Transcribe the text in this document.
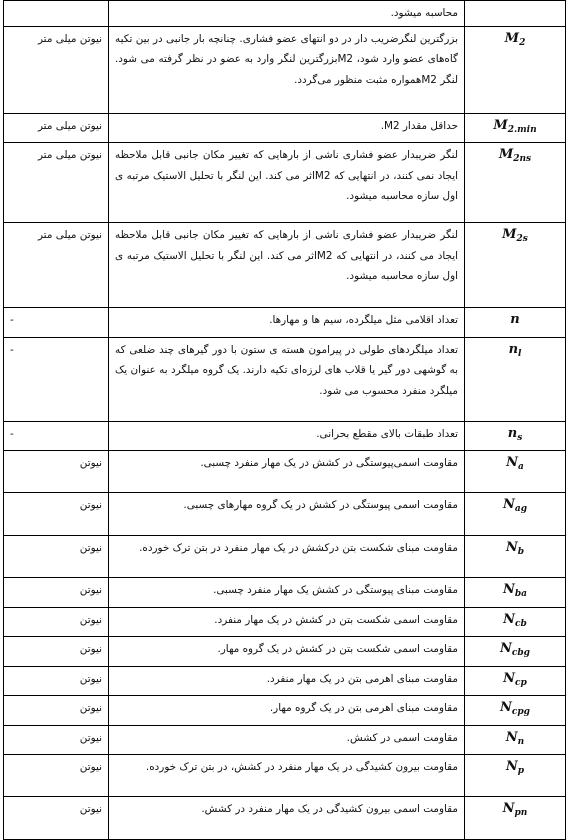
	محاسبه میشود.	
$M_2$	بزرگترین لنگرضریب دار در دو انتهای عضو فشاری. چنانچه بار جانبی در بین تکیه گاه‌های عضو وارد شود، M2بزرگترین لنگر وارد به عضو در نظر گرفته می شود. لنگر M2همواره مثبت منظور می‌گردد.	نیوتن میلی متر
$M_{2.min}$	حداقل مقدار M2.	نیوتن میلی متر
$M_{2ns}$	لنگر ضریبدار عضو فشاری ناشی از بارهایی که تغییر مکان جانبی قابل ملاحظه ایجاد نمی کنند، در انتهایی که M2اثر می کند. این لنگر با تحلیل الاستیک مرتبه ی اول سازه محاسبه میشود.	نیوتن میلی متر
$M_{2s}$	لنگر ضریبدار عضو فشاری ناشی از بارهایی که تغییر مکان جانبی قابل ملاحظه ایجاد می کنند، در انتهایی که M2اثر می کند. این لنگر با تحلیل الاستیک مرتبه ی اول سازه محاسبه میشود.	نیوتن میلی متر
n	تعداد اقلامی مثل میلگرده، سیم ها و مهارها.	-
$n_l$	تعداد میلگردهای طولی در پیرامون هسته ی ستون با دور گیرهای چند ضلعی که به گوشهی دور گیر یا قلاب های لرزه‌ای تکیه دارند. یک گروه میلگرد به عنوان یک میلگرد منفرد محسوب می شود.	-
$n_s$	تعداد طبقات بالای مقطع بحرانی.	-
$N_a$	مقاومت اسمی‌پیوستگی در کشش در یک مهار منفرد چسبی.	نیوتن
$N_{ag}$	مقاومت اسمی پیوستگی در کشش در یک گروه مهارهای چسبی.	نیوتن
$N_b$	مقاومت مبنای شکست بتن درکشش در یک مهار منفرد در بتن ترک خورده.	نیوتن
$N_{ba}$	مقاومت مبنای پیوستگی در کشش یک مهار منفرد چسبی.	نیوتن
$N_{cb}$	مقاومت اسمی شکست بتن در کشش در یک مهار منفرد.	نیوتن
$N_{cbg}$	مقاومت اسمی شکست بتن در کشش در یک گروه مهار.	نیوتن
$N_{cp}$	مقاومت مبنای اهرمی بتن در یک مهار منفرد.	نیوتن
$N_{cpg}$	مقاومت مبنای اهرمی بتن در یک گروه مهار.	نیوتن
$N_n$	مقاومت اسمی در کشش.	نیوتن
$N_p$	مقاومت بیرون کشیدگی در یک مهار منفرد در کشش، در بتن ترک خورده.	نیوتن
$N_{pn}$	مقاومت اسمی بیرون کشیدگی در یک مهار منفرد در کشش.	نیوتن
